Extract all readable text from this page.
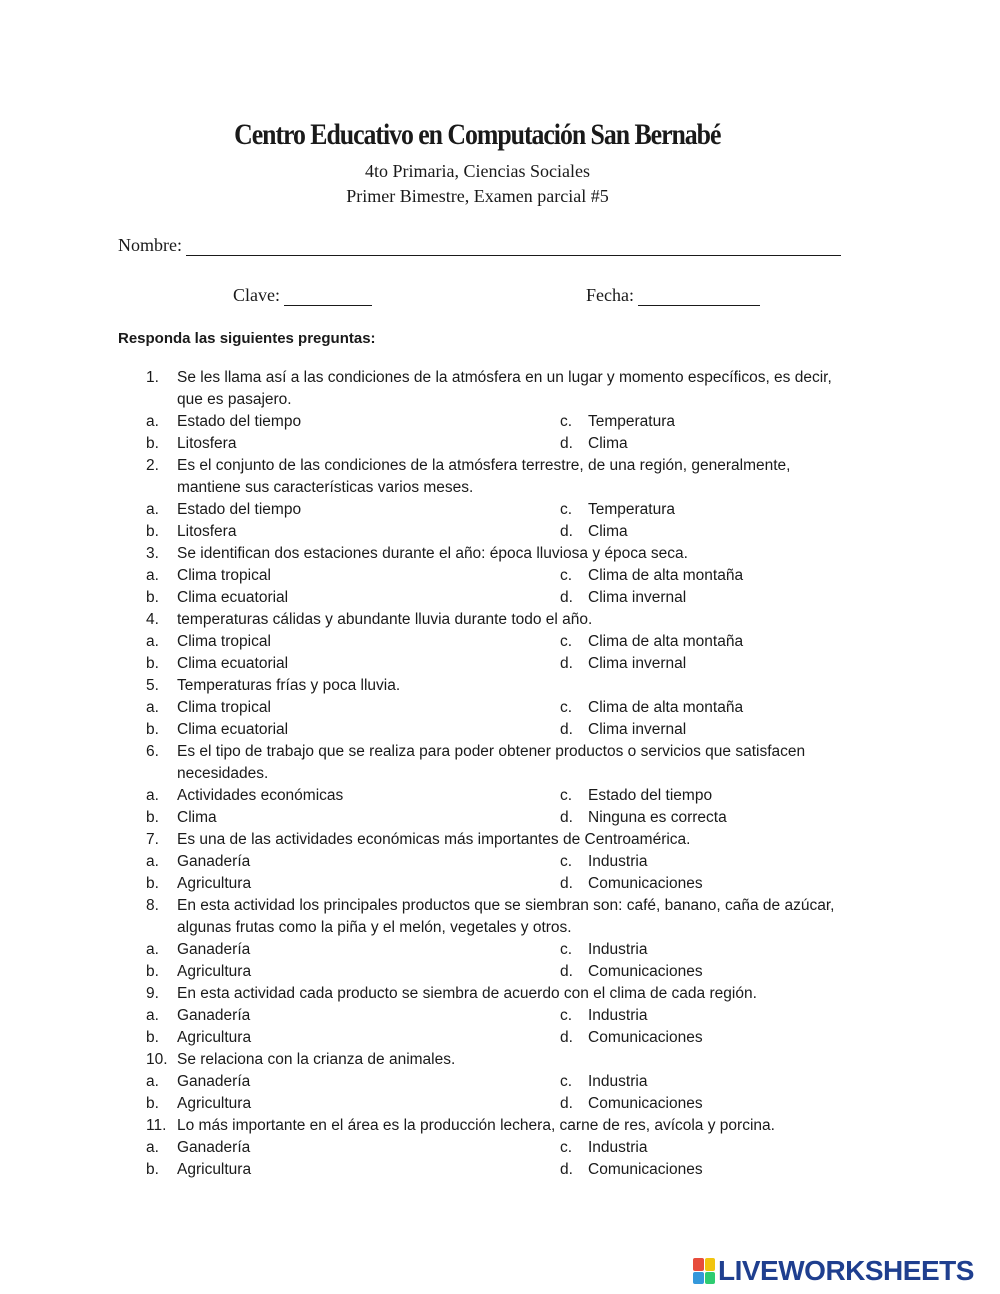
Centro Educativo en Computación San Bernabé
4to Primaria, Ciencias Sociales
Primer Bimestre, Examen parcial #5
Nombre:
Clave:	Fecha:
Responda las siguientes preguntas:
1. Se les llama así a las condiciones de la atmósfera en un lugar y momento específicos, es decir,
que es pasajero.
a. Estado del tiempo	c. Temperatura
b. Litosfera	d. Clima
2. Es el conjunto de las condiciones de la atmósfera terrestre, de una región, generalmente,
mantiene sus características varios meses.
a. Estado del tiempo	c. Temperatura
b. Litosfera	d. Clima
3. Se identifican dos estaciones durante el año: época lluviosa y época seca.
a. Clima tropical	c. Clima de alta montaña
b. Clima ecuatorial	d. Clima invernal
4. temperaturas cálidas y abundante lluvia durante todo el año.
a. Clima tropical	c. Clima de alta montaña
b. Clima ecuatorial	d. Clima invernal
5. Temperaturas frías y poca lluvia.
a. Clima tropical	c. Clima de alta montaña
b. Clima ecuatorial	d. Clima invernal
6. Es el tipo de trabajo que se realiza para poder obtener productos o servicios que satisfacen
necesidades.
a. Actividades económicas	c. Estado del tiempo
b. Clima	d. Ninguna es correcta
7. Es una de las actividades económicas más importantes de Centroamérica.
a. Ganadería	c. Industria
b. Agricultura	d. Comunicaciones
8. En esta actividad los principales productos que se siembran son: café, banano, caña de azúcar,
algunas frutas como la piña y el melón, vegetales y otros.
a. Ganadería	c. Industria
b. Agricultura	d. Comunicaciones
9. En esta actividad cada producto se siembra de acuerdo con el clima de cada región.
a. Ganadería	c. Industria
b. Agricultura	d. Comunicaciones
10. Se relaciona con la crianza de animales.
a. Ganadería	c. Industria
b. Agricultura	d. Comunicaciones
11. Lo más importante en el área es la producción lechera, carne de res, avícola y porcina.
a. Ganadería	c. Industria
b. Agricultura	d. Comunicaciones
LIVEWORKSHEETS
